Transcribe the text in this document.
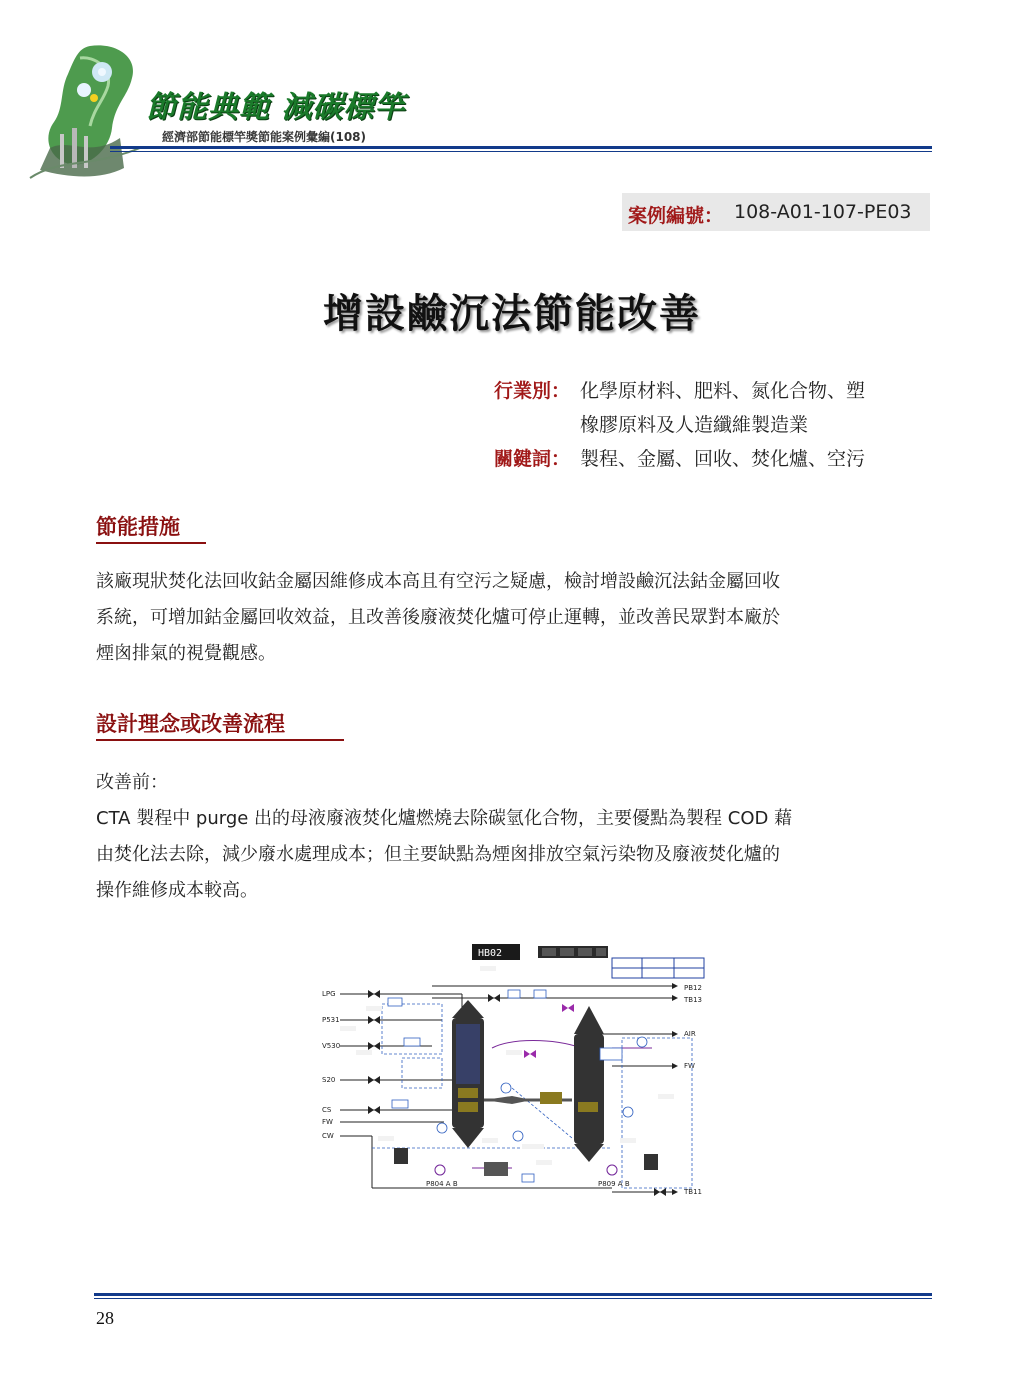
節能典範 減碳標竿
經濟部節能標竿獎節能案例彙編(108)
案例編號： 108-A01-107-PE03
增設鹼沉法節能改善
行業別： 化學原材料、肥料、氮化合物、塑
橡膠原料及人造纖維製造業
關鍵詞： 製程、金屬、回收、焚化爐、空污
節能措施
該廠現狀焚化法回收鈷金屬因維修成本高且有空污之疑慮，檢討增設鹼沉法鈷金屬回收
系統，可增加鈷金屬回收效益，且改善後廢液焚化爐可停止運轉，並改善民眾對本廠於
煙囪排氣的視覺觀感。
設計理念或改善流程
改善前：
CTA 製程中 purge 出的母液廢液焚化爐燃燒去除碳氫化合物，主要優點為製程 COD 藉
由焚化法去除，減少廢水處理成本；但主要缺點為煙囪排放空氣污染物及廢液焚化爐的
操作維修成本較高。
HB02
LPG
P531
V530
S20
CS
FW
CW
PB12
TB13
AIR
FW
TB11
P804 A B	P809 A B
28
